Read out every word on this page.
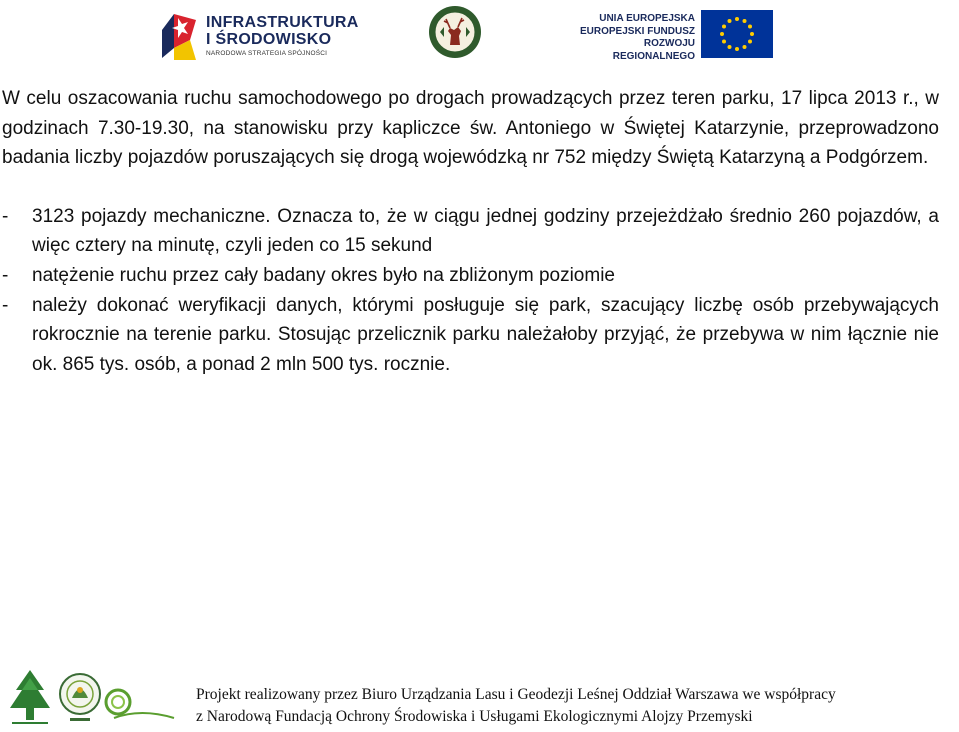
INFRASTRUKTURA
I ŚRODOWISKO
NARODOWA STRATEGIA SPÓJNOŚCI
UNIA EUROPEJSKA
EUROPEJSKI FUNDUSZ
ROZWOJU REGIONALNEGO

W celu oszacowania ruchu samochodowego po drogach prowadzących przez teren parku, 17 lipca 2013 r., w godzinach 7.30-19.30, na stanowisku przy kapliczce św. Antoniego w Świętej Katarzynie, przeprowadzono badania liczby pojazdów poruszających się drogą wojewódzką nr 752 między Świętą Katarzyną a Podgórzem.

-	3123 pojazdy mechaniczne. Oznacza to, że w ciągu jednej godziny przejeżdżało średnio 260 pojazdów, a więc cztery na minutę, czyli jeden co 15 sekund
-	natężenie ruchu przez cały badany okres było na zbliżonym poziomie
-	należy dokonać weryfikacji danych, którymi posługuje się park, szacujący liczbę osób przebywających rokrocznie na terenie parku. Stosując przelicznik parku należałoby przyjąć, że przebywa w nim łącznie nie ok. 865 tys. osób, a ponad 2 mln 500 tys. rocznie.
Projekt realizowany przez Biuro Urządzania Lasu i Geodezji Leśnej Oddział Warszawa we współpracy
z Narodową Fundacją Ochrony Środowiska i Usługami Ekologicznymi Alojzy Przemyski
